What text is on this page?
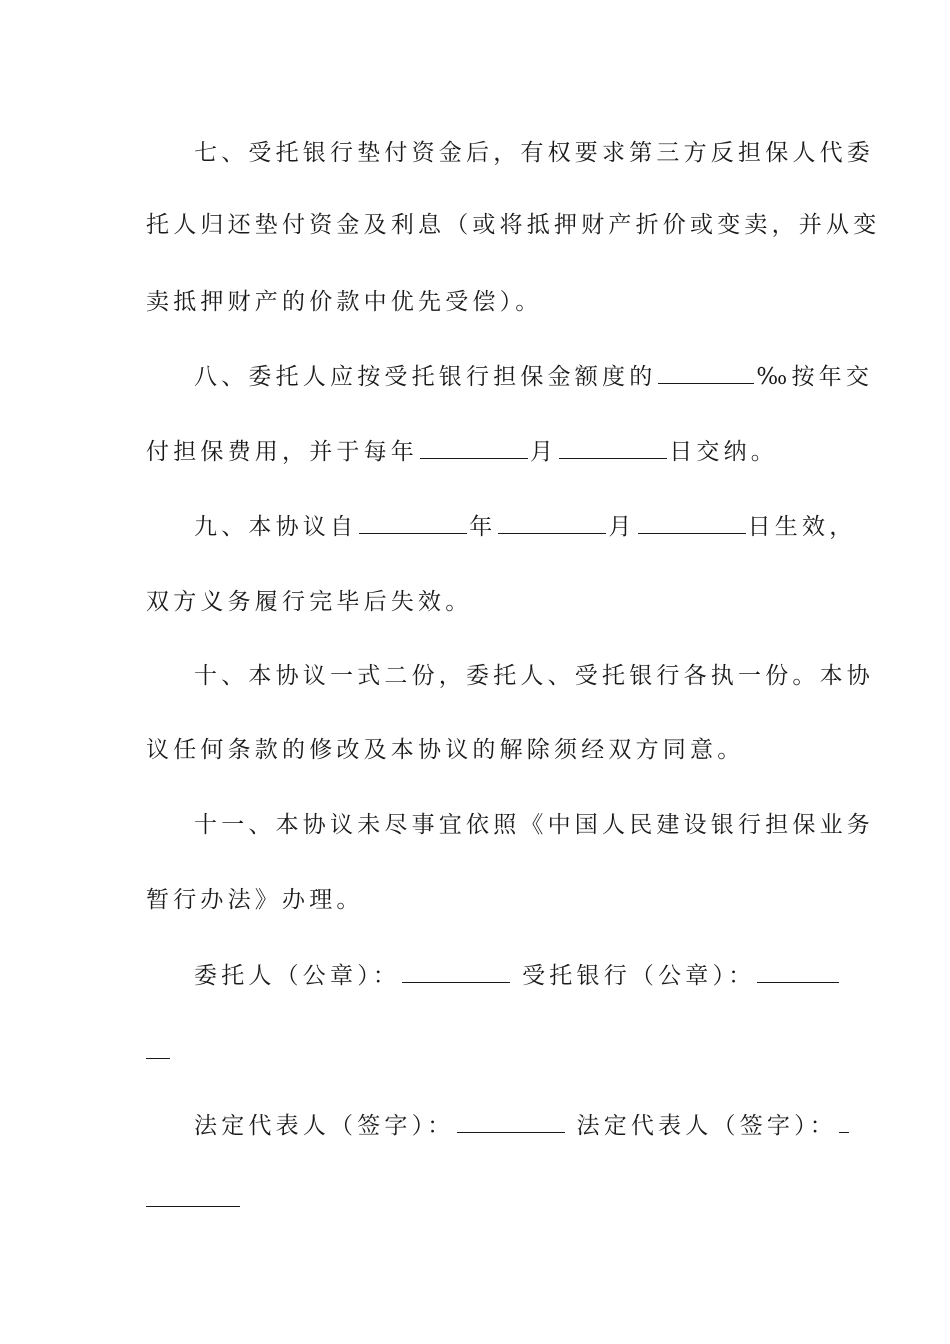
七、受托银行垫付资金后，有权要求第三方反担保人代委
托人归还垫付资金及利息（或将抵押财产折价或变卖，并从变
卖抵押财产的价款中优先受偿）。
八、委托人应按受托银行担保金额度的	‰按年交
付担保费用，并于每年	月	日交纳。
九、本协议自	年	月	日生效，
双方义务履行完毕后失效。
十、本协议一式二份，委托人、受托银行各执一份。本协
议任何条款的修改及本协议的解除须经双方同意。
十一、本协议未尽事宜依照《中国人民建设银行担保业务
暂行办法》办理。
委托人（公章）：	受托银行（公章）：
法定代表人（签字）：	法定代表人（签字）：
